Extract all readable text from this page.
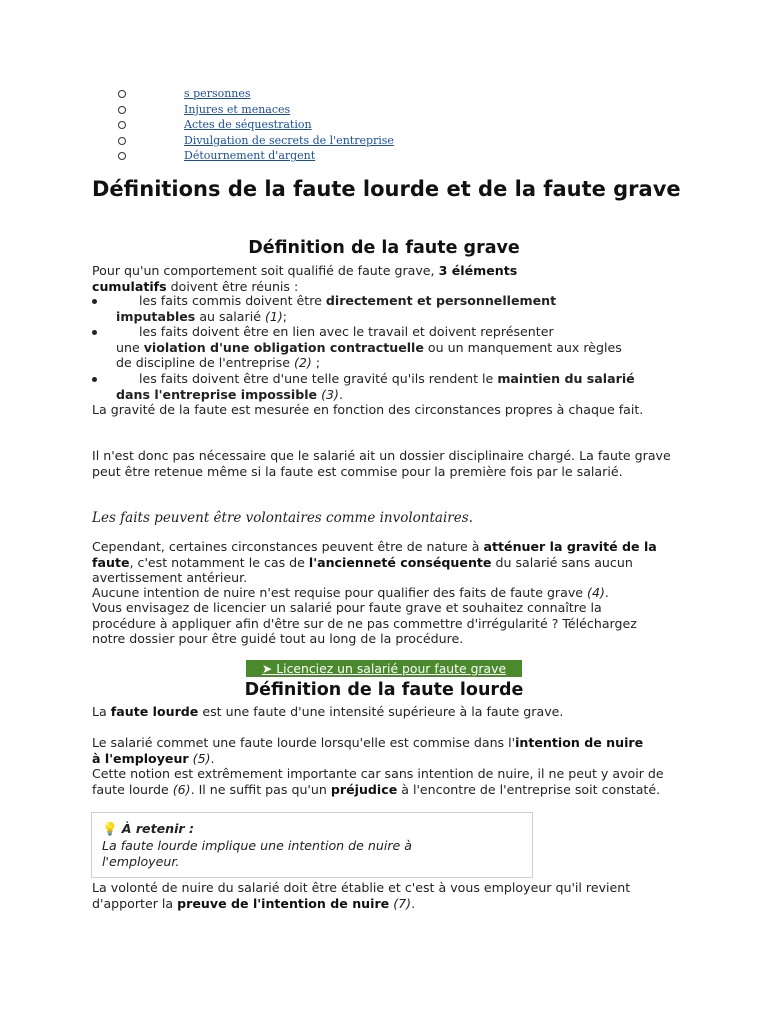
s personnes
Injures et menaces
Actes de séquestration
Divulgation de secrets de l'entreprise
Détournement d'argent
Définitions de la faute lourde et de la faute grave
Définition de la faute grave

Pour qu'un comportement soit qualifié de faute grave, 3 éléments cumulatifs doivent être réunis :

les faits commis doivent être directement et personnellement
imputables au salarié (1);
les faits doivent être en lien avec le travail et doivent représenter
une violation d'une obligation contractuelle ou un manquement aux règles
de discipline de l'entreprise (2) ;
les faits doivent être d'une telle gravité qu'ils rendent le maintien du salarié
dans l'entreprise impossible (3).

La gravité de la faute est mesurée en fonction des circonstances propres à chaque fait.

Il n'est donc pas nécessaire que le salarié ait un dossier disciplinaire chargé. La faute grave peut être retenue même si la faute est commise pour la première fois par le salarié.

Les faits peuvent être volontaires comme involontaires.

Cependant, certaines circonstances peuvent être de nature à atténuer la gravité de la faute, c'est notamment le cas de l'ancienneté conséquente du salarié sans aucun avertissement antérieur.

Aucune intention de nuire n'est requise pour qualifier des faits de faute grave (4).

Vous envisagez de licencier un salarié pour faute grave et souhaitez connaître la procédure à appliquer afin d'être sur de ne pas commettre d'irrégularité ? Téléchargez notre dossier pour être guidé tout au long de la procédure.

➤ Licenciez un salarié pour faute grave
Définition de la faute lourde

La faute lourde est une faute d'une intensité supérieure à la faute grave.

Le salarié commet une faute lourde lorsqu'elle est commise dans l'intention de nuire à l'employeur (5).

Cette notion est extrêmement importante car sans intention de nuire, il ne peut y avoir de faute lourde (6). Il ne suffit pas qu'un préjudice à l'encontre de l'entreprise soit constaté.

💡 À retenir :
La faute lourde implique une intention de nuire à l'employeur.

La volonté de nuire du salarié doit être établie et c'est à vous employeur qu'il revient d'apporter la preuve de l'intention de nuire (7).
